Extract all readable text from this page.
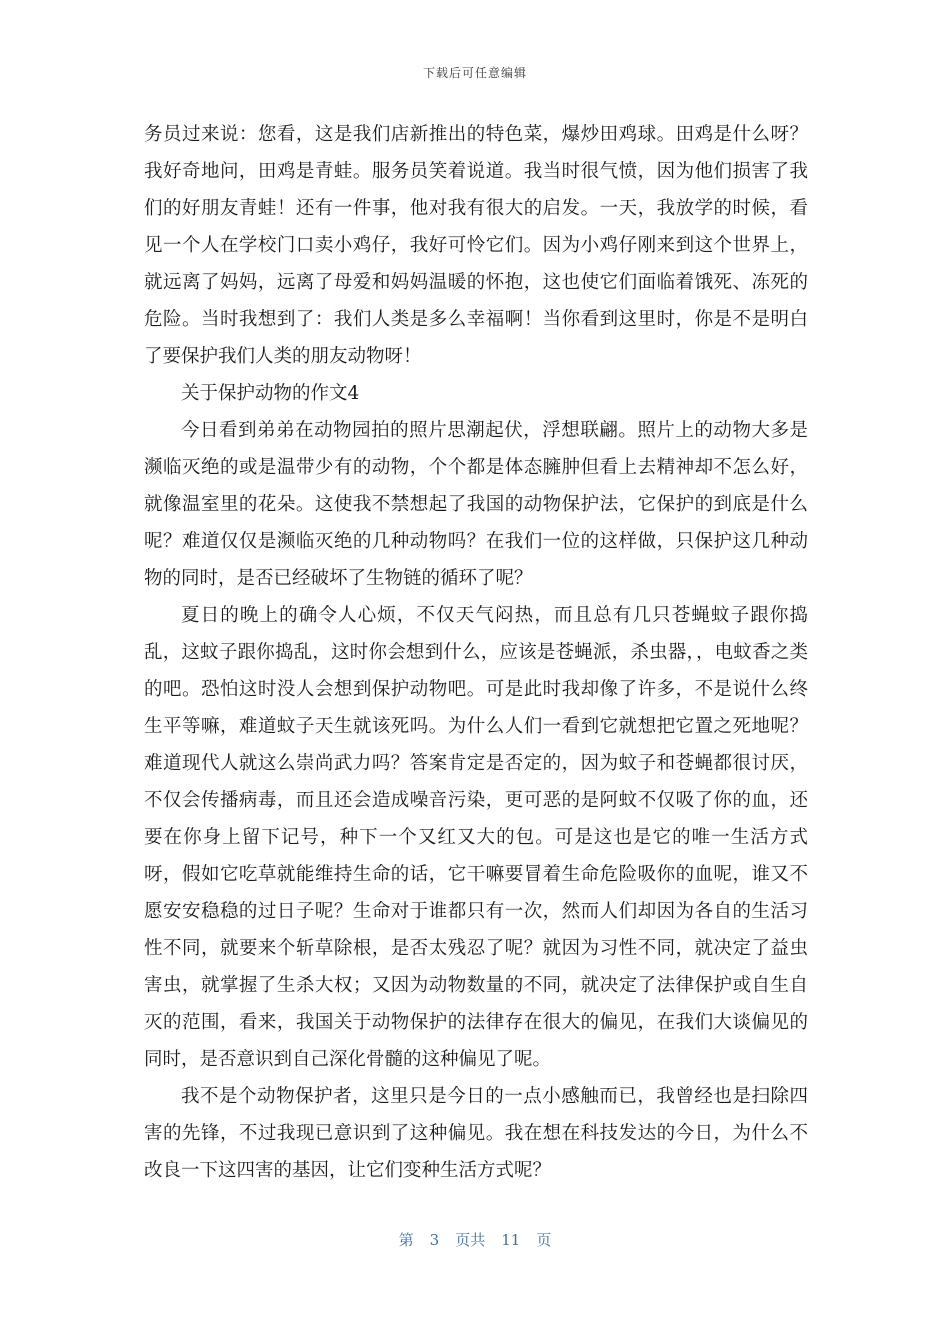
下载后可任意编辑

务员过来说：您看，这是我们店新推出的特色菜，爆炒田鸡球。田鸡是什么呀？我好奇地问，田鸡是青蛙。服务员笑着说道。我当时很气愤，因为他们损害了我们的好朋友青蛙！还有一件事，他对我有很大的启发。一天，我放学的时候，看见一个人在学校门口卖小鸡仔，我好可怜它们。因为小鸡仔刚来到这个世界上，就远离了妈妈，远离了母爱和妈妈温暖的怀抱，这也使它们面临着饿死、冻死的危险。当时我想到了：我们人类是多么幸福啊！当你看到这里时，你是不是明白了要保护我们人类的朋友动物呀！

关于保护动物的作文4

今日看到弟弟在动物园拍的照片思潮起伏，浮想联翩。照片上的动物大多是濒临灭绝的或是温带少有的动物，个个都是体态臃肿但看上去精神却不怎么好，就像温室里的花朵。这使我不禁想起了我国的动物保护法，它保护的到底是什么呢？难道仅仅是濒临灭绝的几种动物吗？在我们一位的这样做，只保护这几种动物的同时，是否已经破坏了生物链的循环了呢？

夏日的晚上的确令人心烦，不仅天气闷热，而且总有几只苍蝇蚊子跟你捣乱，这蚊子跟你捣乱，这时你会想到什么，应该是苍蝇派，杀虫器，，电蚊香之类的吧。恐怕这时没人会想到保护动物吧。可是此时我却像了许多，不是说什么终生平等嘛，难道蚊子天生就该死吗。为什么人们一看到它就想把它置之死地呢？难道现代人就这么崇尚武力吗？答案肯定是否定的，因为蚊子和苍蝇都很讨厌，不仅会传播病毒，而且还会造成噪音污染，更可恶的是阿蚊不仅吸了你的血，还要在你身上留下记号，种下一个又红又大的包。可是这也是它的唯一生活方式呀，假如它吃草就能维持生命的话，它干嘛要冒着生命危险吸你的血呢，谁又不愿安安稳稳的过日子呢？生命对于谁都只有一次，然而人们却因为各自的生活习性不同，就要来个斩草除根，是否太残忍了呢？就因为习性不同，就决定了益虫害虫，就掌握了生杀大权；又因为动物数量的不同，就决定了法律保护或自生自灭的范围，看来，我国关于动物保护的法律存在很大的偏见，在我们大谈偏见的同时，是否意识到自己深化骨髓的这种偏见了呢。

我不是个动物保护者，这里只是今日的一点小感触而已，我曾经也是扫除四害的先锋，不过我现已意识到了这种偏见。我在想在科技发达的今日，为什么不改良一下这四害的基因，让它们变种生活方式呢？

第 3 页共 11 页
